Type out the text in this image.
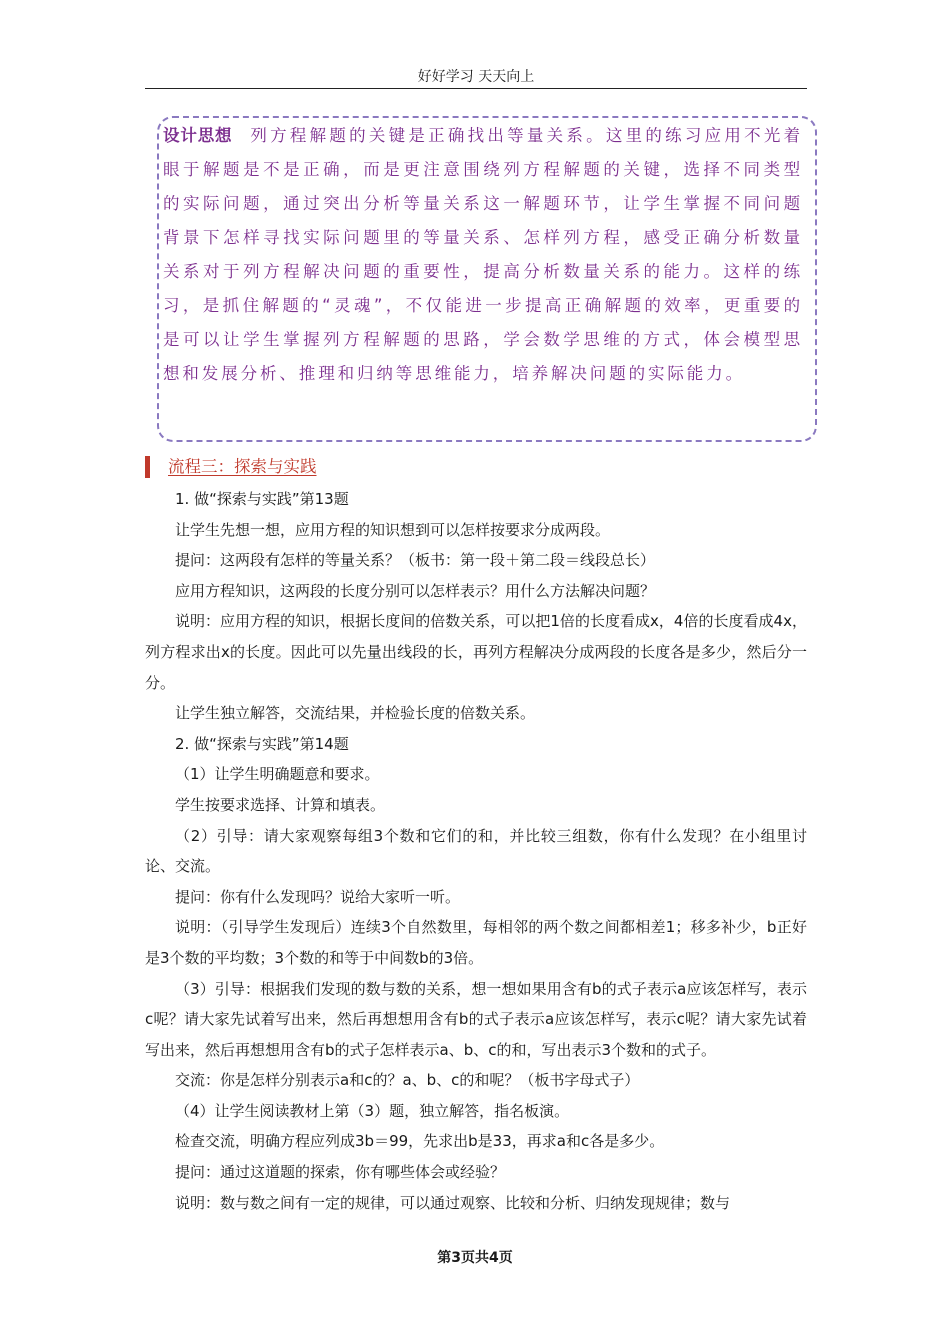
好好学习 天天向上
设计思想 列方程解题的关键是正确找出等量关系。这里的练习应用不光着眼于解题是不是正确，而是更注意围绕列方程解题的关键，选择不同类型的实际问题，通过突出分析等量关系这一解题环节，让学生掌握不同问题背景下怎样寻找实际问题里的等量关系、怎样列方程，感受正确分析数量关系对于列方程解决问题的重要性，提高分析数量关系的能力。这样的练习，是抓住解题的“灵魂”，不仅能进一步提高正确解题的效率，更重要的是可以让学生掌握列方程解题的思路，学会数学思维的方式，体会模型思想和发展分析、推理和归纳等思维能力，培养解决问题的实际能力。
流程三：探索与实践

1. 做“探索与实践”第13题

让学生先想一想，应用方程的知识想到可以怎样按要求分成两段。

提问：这两段有怎样的等量关系？（板书：第一段＋第二段＝线段总长）

应用方程知识，这两段的长度分别可以怎样表示？用什么方法解决问题？

说明：应用方程的知识，根据长度间的倍数关系，可以把1倍的长度看成x，4倍的长度看成4x，列方程求出x的长度。因此可以先量出线段的长，再列方程解决分成两段的长度各是多少，然后分一分。

让学生独立解答，交流结果，并检验长度的倍数关系。

2. 做“探索与实践”第14题

（1）让学生明确题意和要求。

学生按要求选择、计算和填表。

（2）引导：请大家观察每组3个数和它们的和，并比较三组数，你有什么发现？在小组里讨论、交流。

提问：你有什么发现吗？说给大家听一听。

说明：（引导学生发现后）连续3个自然数里，每相邻的两个数之间都相差1；移多补少，b正好是3个数的平均数；3个数的和等于中间数b的3倍。

（3）引导：根据我们发现的数与数的关系，想一想如果用含有b的式子表示a应该怎样写，表示c呢？请大家先试着写出来，然后再想想用含有b的式子表示a应该怎样写，表示c呢？请大家先试着写出来，然后再想想用含有b的式子怎样表示a、b、c的和，写出表示3个数和的式子。

交流：你是怎样分别表示a和c的？a、b、c的和呢？（板书字母式子）

（4）让学生阅读教材上第（3）题，独立解答，指名板演。

检查交流，明确方程应列成3b＝99，先求出b是33，再求a和c各是多少。

提问：通过这道题的探索，你有哪些体会或经验？

说明：数与数之间有一定的规律，可以通过观察、比较和分析、归纳发现规律；数与

第3页共4页
